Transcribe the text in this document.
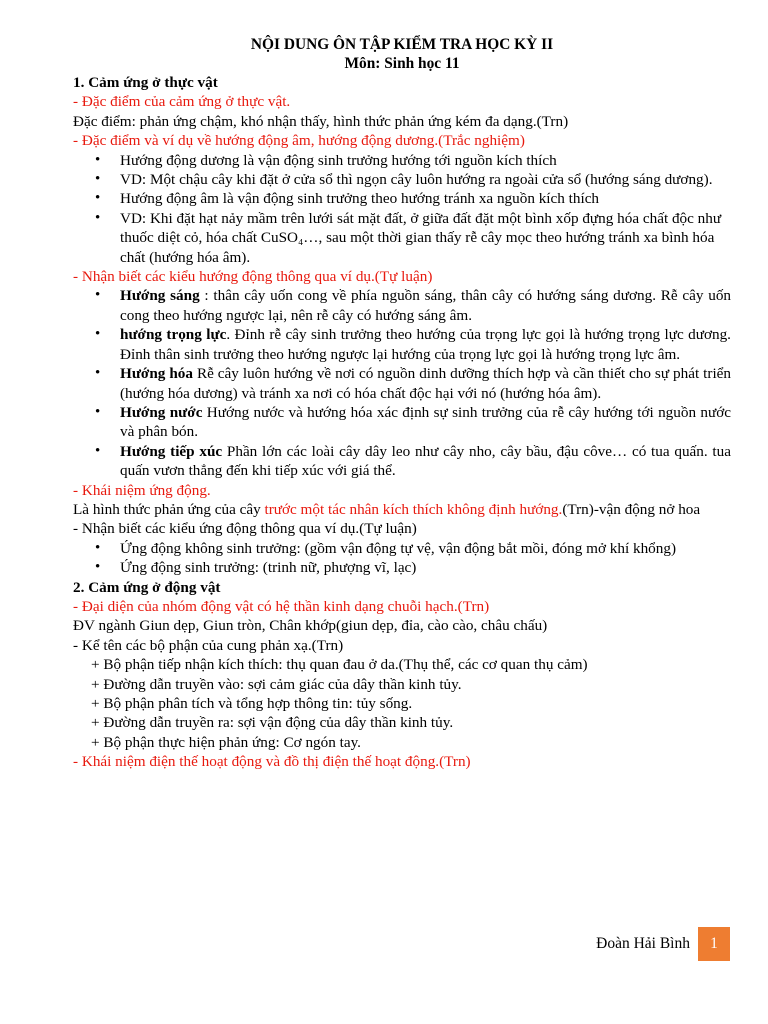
NỘI DUNG ÔN TẬP KIỂM TRA HỌC KỲ II
Môn: Sinh học 11
1. Cảm ứng ở thực vật
- Đặc điểm của cảm ứng ở thực vật.
Đặc điểm: phản ứng chậm, khó nhận thấy, hình thức phản ứng kém đa dạng.(Trn)
- Đặc điểm và ví dụ về hướng động âm, hướng động dương.(Trắc nghiệm)
• Hướng động dương là vận động sinh trưởng hướng tới nguồn kích thích
• VD: Một chậu cây khi đặt ở cửa sổ thì ngọn cây luôn hướng ra ngoài cửa sổ (hướng sáng dương).
• Hướng động âm là vận động sinh trưởng theo hướng tránh xa nguồn kích thích
• VD: Khi đặt hạt nảy mầm trên lưới sát mặt đất, ở giữa đất đặt một bình xốp đựng hóa chất độc như thuốc diệt cỏ, hóa chất CuSO₄…, sau một thời gian thấy rễ cây mọc theo hướng tránh xa bình hóa chất (hướng hóa âm).
- Nhận biết các kiểu hướng động thông qua ví dụ.(Tự luận)
• Hướng sáng : thân cây uốn cong về phía nguồn sáng, thân cây có hướng sáng dương. Rễ cây uốn cong theo hướng ngược lại, nên rễ cây có hướng sáng âm.
• hướng trọng lực. Đỉnh rễ cây sinh trưởng theo hướng của trọng lực gọi là hướng trọng lực dương. Đỉnh thân sinh trưởng theo hướng ngược lại hướng của trọng lực gọi là hướng trọng lực âm.
• Hướng hóa Rễ cây luôn hướng về nơi có nguồn dinh dưỡng thích hợp và cần thiết cho sự phát triển (hướng hóa dương) và tránh xa nơi có hóa chất độc hại với nó (hướng hóa âm).
• Hướng nước Hướng nước và hướng hóa xác định sự sinh trưởng của rễ cây hướng tới nguồn nước và phân bón.
• Hướng tiếp xúc Phần lớn các loài cây dây leo như cây nho, cây bầu, đậu côve… có tua quấn. tua quấn vươn thẳng đến khi tiếp xúc với giá thể.
- Khái niệm ứng động.
Là hình thức phản ứng của cây trước một tác nhân kích thích không định hướng.(Trn)-vận động nở hoa
- Nhận biết các kiểu ứng động thông qua ví dụ.(Tự luận)
• Ứng động không sinh trưởng: (gồm vận động tự vệ, vận động bắt mồi, đóng mở khí khổng)
• Ứng động sinh trưởng: (trinh nữ, phượng vĩ, lạc)
2. Cảm ứng ở động vật
- Đại diện của nhóm động vật có hệ thần kinh dạng chuỗi hạch.(Trn)
ĐV ngành Giun dẹp, Giun tròn, Chân khớp(giun dẹp, đỉa, cào cào, châu chấu)
- Kể tên các bộ phận của cung phản xạ.(Trn)
+ Bộ phận tiếp nhận kích thích: thụ quan đau ở da.(Thụ thể, các cơ quan thụ cảm)
+ Đường dẫn truyền vào: sợi cảm giác của dây thần kinh tủy.
+ Bộ phận phân tích và tổng hợp thông tin: tủy sống.
+ Đường dẫn truyền ra: sợi vận động của dây thần kinh tủy.
+ Bộ phận thực hiện phản ứng: Cơ ngón tay.
- Khái niệm điện thế hoạt động và đồ thị điện thế hoạt động.(Trn)
Đoàn Hải Bình	1
